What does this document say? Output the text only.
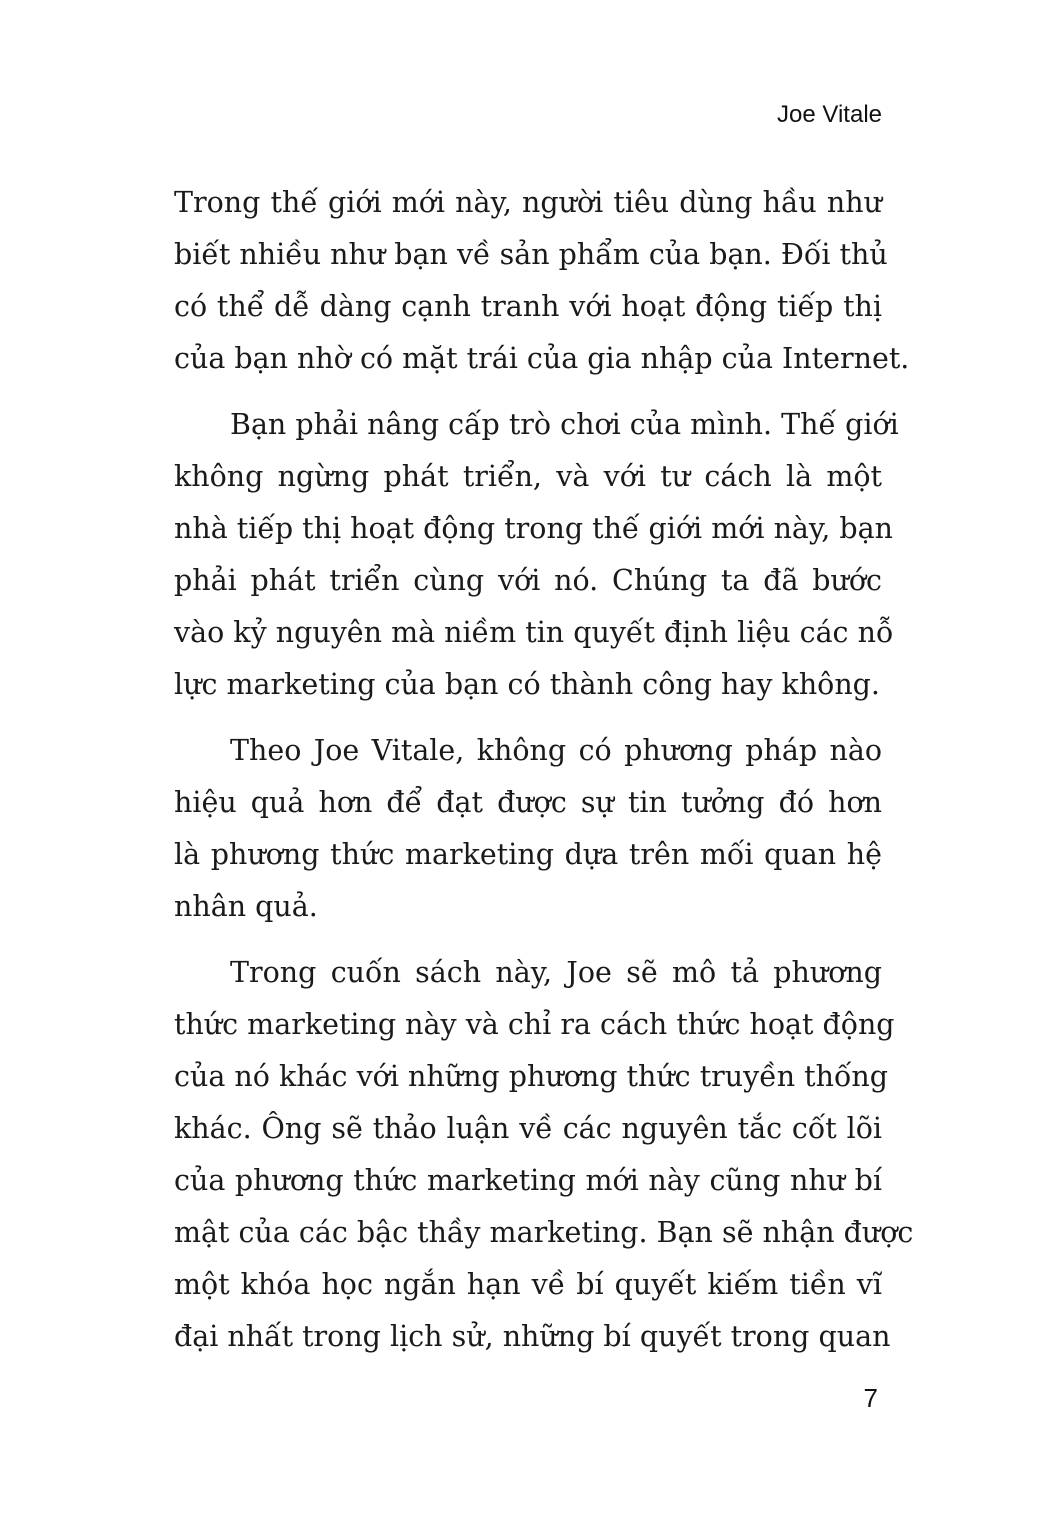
Joe Vitale
Trong thế giới mới này, người tiêu dùng hầu như
biết nhiều như bạn về sản phẩm của bạn. Đối thủ
có thể dễ dàng cạnh tranh với hoạt động tiếp thị
của bạn nhờ có mặt trái của gia nhập của Internet.
Bạn phải nâng cấp trò chơi của mình. Thế giới
không ngừng phát triển, và với tư cách là một
nhà tiếp thị hoạt động trong thế giới mới này, bạn
phải phát triển cùng với nó. Chúng ta đã bước
vào kỷ nguyên mà niềm tin quyết định liệu các nỗ
lực marketing của bạn có thành công hay không.
Theo Joe Vitale, không có phương pháp nào
hiệu quả hơn để đạt được sự tin tưởng đó hơn
là phương thức marketing dựa trên mối quan hệ
nhân quả.
Trong cuốn sách này, Joe sẽ mô tả phương
thức marketing này và chỉ ra cách thức hoạt động
của nó khác với những phương thức truyền thống
khác. Ông sẽ thảo luận về các nguyên tắc cốt lõi
của phương thức marketing mới này cũng như bí
mật của các bậc thầy marketing. Bạn sẽ nhận được
một khóa học ngắn hạn về bí quyết kiếm tiền vĩ
đại nhất trong lịch sử, những bí quyết trong quan
7
